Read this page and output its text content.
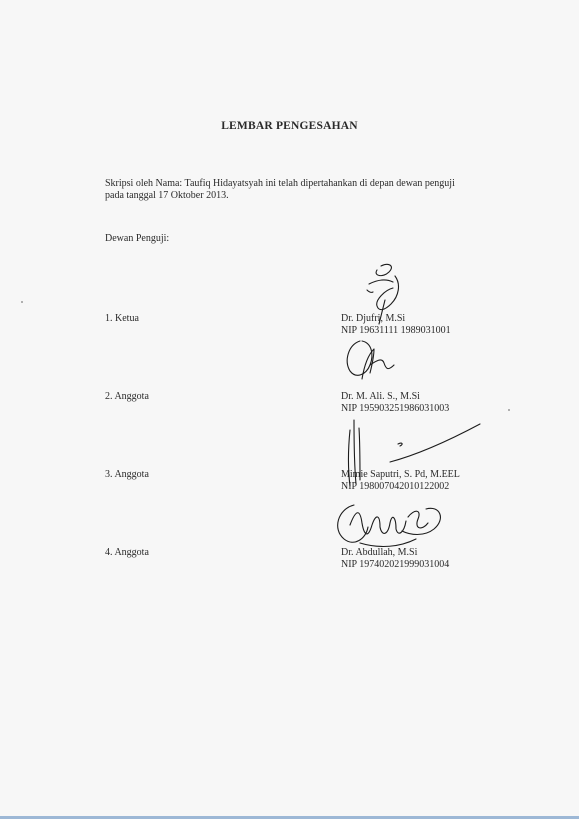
LEMBAR PENGESAHAN
Skripsi oleh Nama: Taufiq Hidayatsyah ini telah dipertahankan di depan dewan penguji
pada tanggal 17 Oktober 2013.
Dewan Penguji:
1. Ketua	Dr. Djufri, M.Si
NIP 19631111 1989031001
2. Anggota	Dr. M. Ali. S., M.Si
NIP 195903251986031003
3. Anggota	Mimie Saputri, S. Pd, M.EEL
NIP 198007042010122002
4. Anggota	Dr. Abdullah, M.Si
NIP 197402021999031004
